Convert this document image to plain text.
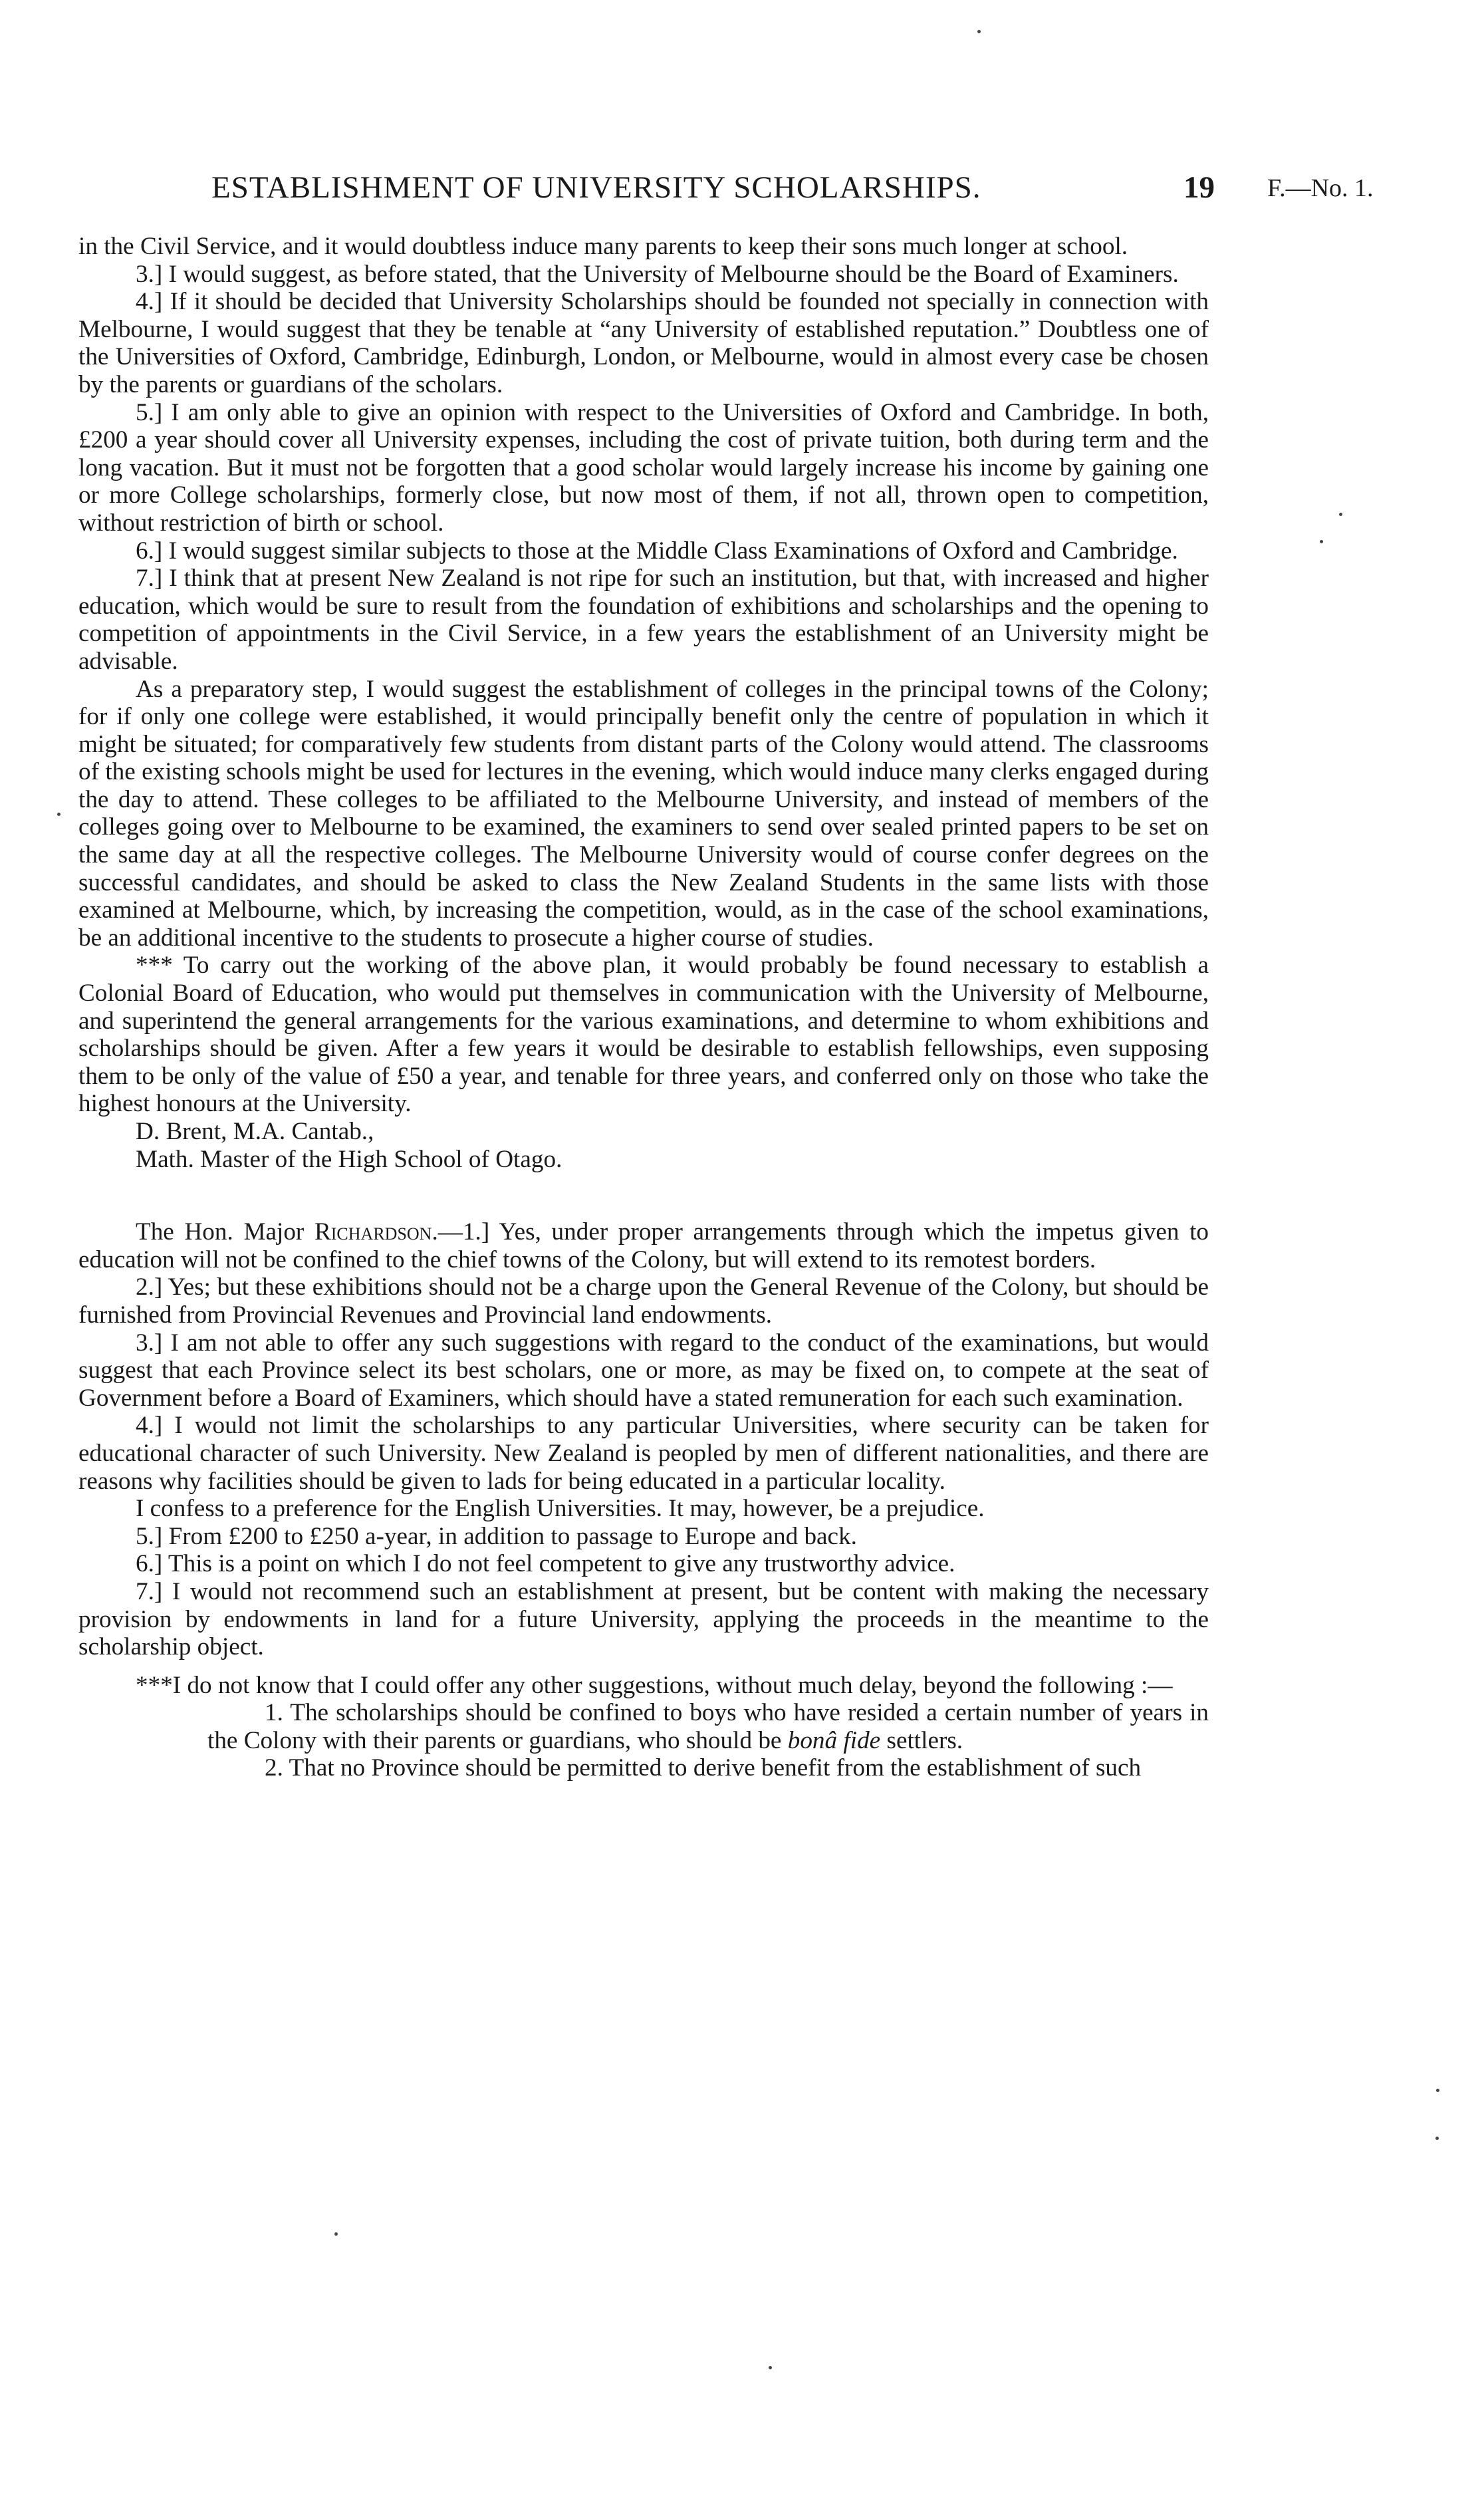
ESTABLISHMENT OF UNIVERSITY SCHOLARSHIPS.	19 F.—No. 1.

in the Civil Service, and it would doubtless induce many parents to keep their sons much longer at school.

3.] I would suggest, as before stated, that the University of Melbourne should be the Board of Examiners.

4.] If it should be decided that University Scholarships should be founded not specially in connection with Melbourne, I would suggest that they be tenable at “any University of established reputation.” Doubtless one of the Universities of Oxford, Cambridge, Edinburgh, London, or Melbourne, would in almost every case be chosen by the parents or guardians of the scholars.

5.] I am only able to give an opinion with respect to the Universities of Oxford and Cambridge. In both, £200 a year should cover all University expenses, including the cost of private tuition, both during term and the long vacation. But it must not be forgotten that a good scholar would largely increase his income by gaining one or more College scholarships, formerly close, but now most of them, if not all, thrown open to competition, without restriction of birth or school.

6.] I would suggest similar subjects to those at the Middle Class Examinations of Oxford and Cambridge.

7.] I think that at present New Zealand is not ripe for such an institution, but that, with increased and higher education, which would be sure to result from the foundation of exhibitions and scholarships and the opening to competition of appointments in the Civil Service, in a few years the establishment of an University might be advisable.

As a preparatory step, I would suggest the establishment of colleges in the principal towns of the Colony; for if only one college were established, it would principally benefit only the centre of population in which it might be situated; for comparatively few students from distant parts of the Colony would attend. The classrooms of the existing schools might be used for lectures in the evening, which would induce many clerks engaged during the day to attend. These colleges to be affiliated to the Melbourne University, and instead of members of the colleges going over to Melbourne to be examined, the examiners to send over sealed printed papers to be set on the same day at all the respective colleges. The Melbourne University would of course confer degrees on the successful candidates, and should be asked to class the New Zealand Students in the same lists with those examined at Melbourne, which, by increasing the competition, would, as in the case of the school examinations, be an additional incentive to the students to prosecute a higher course of studies.

*** To carry out the working of the above plan, it would probably be found necessary to establish a Colonial Board of Education, who would put themselves in communication with the University of Melbourne, and superintend the general arrangements for the various examinations, and determine to whom exhibitions and scholarships should be given. After a few years it would be desirable to establish fellowships, even supposing them to be only of the value of £50 a year, and tenable for three years, and conferred only on those who take the highest honours at the University.

D. Brent, M.A. Cantab.,

Math. Master of the High School of Otago.

The Hon. Major Richardson.—1.] Yes, under proper arrangements through which the impetus given to education will not be confined to the chief towns of the Colony, but will extend to its remotest borders.

2.] Yes; but these exhibitions should not be a charge upon the General Revenue of the Colony, but should be furnished from Provincial Revenues and Provincial land endowments.

3.] I am not able to offer any such suggestions with regard to the conduct of the examinations, but would suggest that each Province select its best scholars, one or more, as may be fixed on, to compete at the seat of Government before a Board of Examiners, which should have a stated remuneration for each such examination.

4.] I would not limit the scholarships to any particular Universities, where security can be taken for educational character of such University. New Zealand is peopled by men of different nationalities, and there are reasons why facilities should be given to lads for being educated in a particular locality.

I confess to a preference for the English Universities. It may, however, be a prejudice.

5.] From £200 to £250 a-year, in addition to passage to Europe and back.

6.] This is a point on which I do not feel competent to give any trustworthy advice.

7.] I would not recommend such an establishment at present, but be content with making the necessary provision by endowments in land for a future University, applying the proceeds in the meantime to the scholarship object.

***I do not know that I could offer any other suggestions, without much delay, beyond the following :—

1. The scholarships should be confined to boys who have resided a certain number of years in the Colony with their parents or guardians, who should be bonâ fide settlers.

2. That no Province should be permitted to derive benefit from the establishment of such
